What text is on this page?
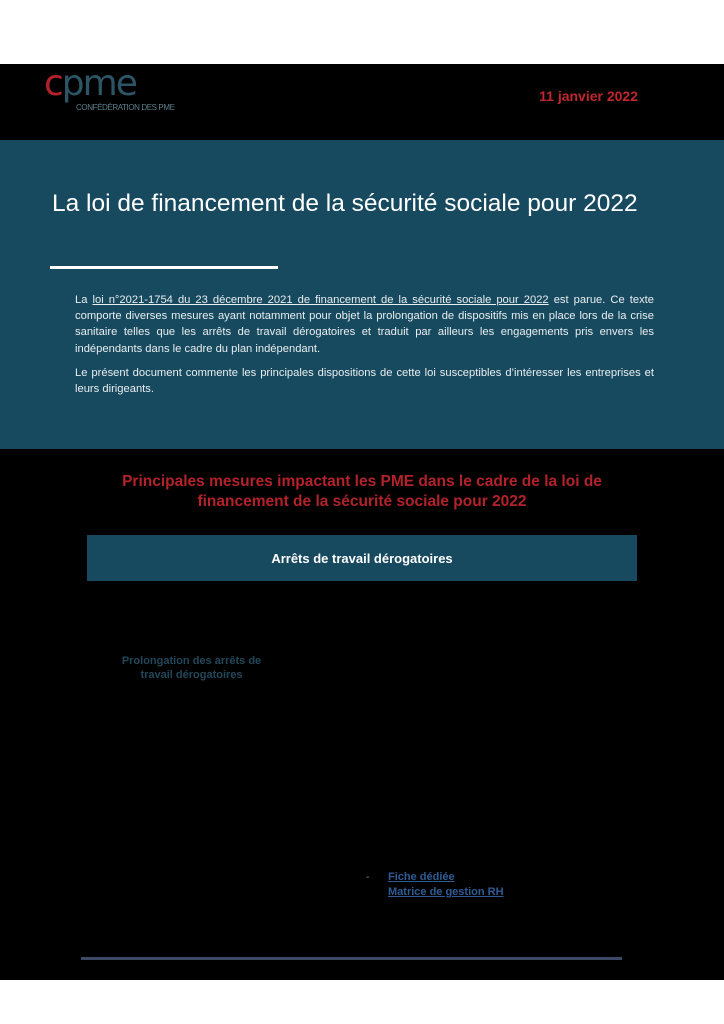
cpme
CONFÉDÉRATION DES PME
11 janvier 2022
La loi de financement de la sécurité sociale pour 2022

La loi n°2021-1754 du 23 décembre 2021 de financement de la sécurité sociale pour 2022 est parue. Ce texte comporte diverses mesures ayant notamment pour objet la prolongation de dispositifs mis en place lors de la crise sanitaire telles que les arrêts de travail dérogatoires et traduit par ailleurs les engagements pris envers les indépendants dans le cadre du plan indépendant.

Le présent document commente les principales dispositions de cette loi susceptibles d’intéresser les entreprises et leurs dirigeants.

Principales mesures impactant les PME dans le cadre de la loi de
financement de la sécurité sociale pour 2022
Arrêts de travail dérogatoires
Prolongation des arrêts de
travail dérogatoires
- Fiche dédiée
Matrice de gestion RH
